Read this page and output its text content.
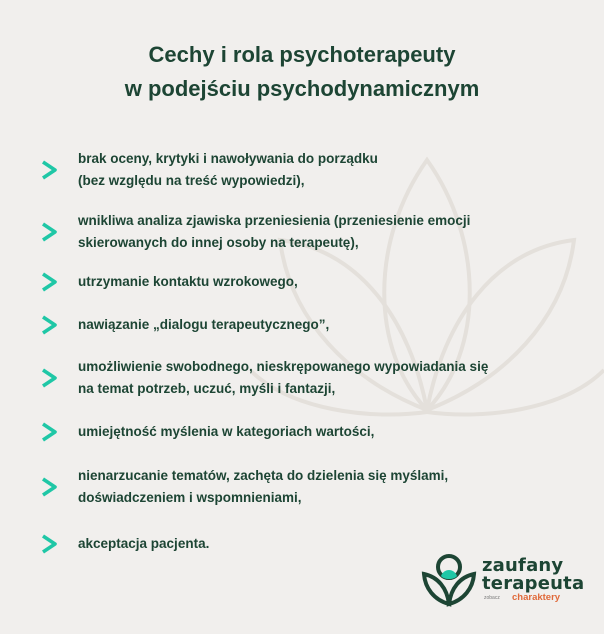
Cechy i rola psychoterapeuty
w podejściu psychodynamicznym
brak oceny, krytyki i nawoływania do porządku
(bez względu na treść wypowiedzi),
wnikliwa analiza zjawiska przeniesienia (przeniesienie emocji
skierowanych do innej osoby na terapeutę),
utrzymanie kontaktu wzrokowego,
nawiązanie „dialogu terapeutycznego”,
umożliwienie swobodnego, nieskrępowanego wypowiadania się
na temat potrzeb, uczuć, myśli i fantazji,
umiejętność myślenia w kategoriach wartości,
nienarzucanie tematów, zachęta do dzielenia się myślami,
doświadczeniem i wspomnieniami,
akceptacja pacjenta.
zaufany
terapeuta
zobacz charaktery
